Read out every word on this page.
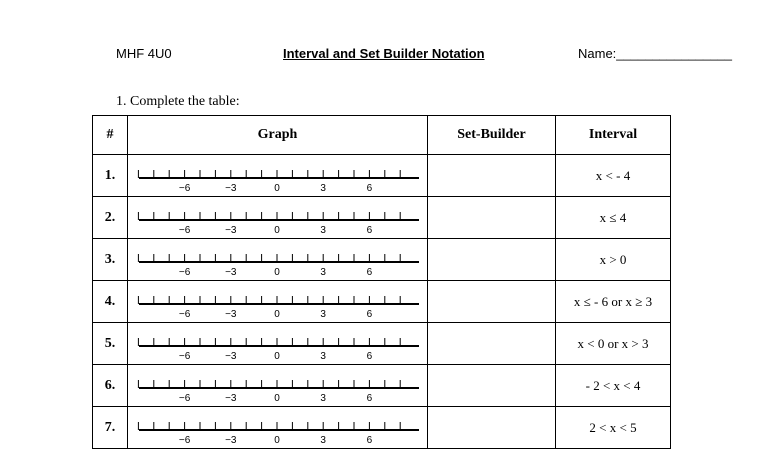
MHF 4U0	Interval and Set Builder Notation	Name:________________
1. Complete the table:
#	Graph	Set-Builder	Interval
1.	−6 −3 0 3 6		x < - 4
2.	−6 −3 0 3 6		x ≤ 4
3.	−6 −3 0 3 6		x > 0
4.	−6 −3 0 3 6		x ≤ - 6 or x ≥ 3
5.	−6 −3 0 3 6		x < 0 or x > 3
6.	−6 −3 0 3 6		- 2 < x < 4
7.	−6 −3 0 3 6		2 < x < 5
